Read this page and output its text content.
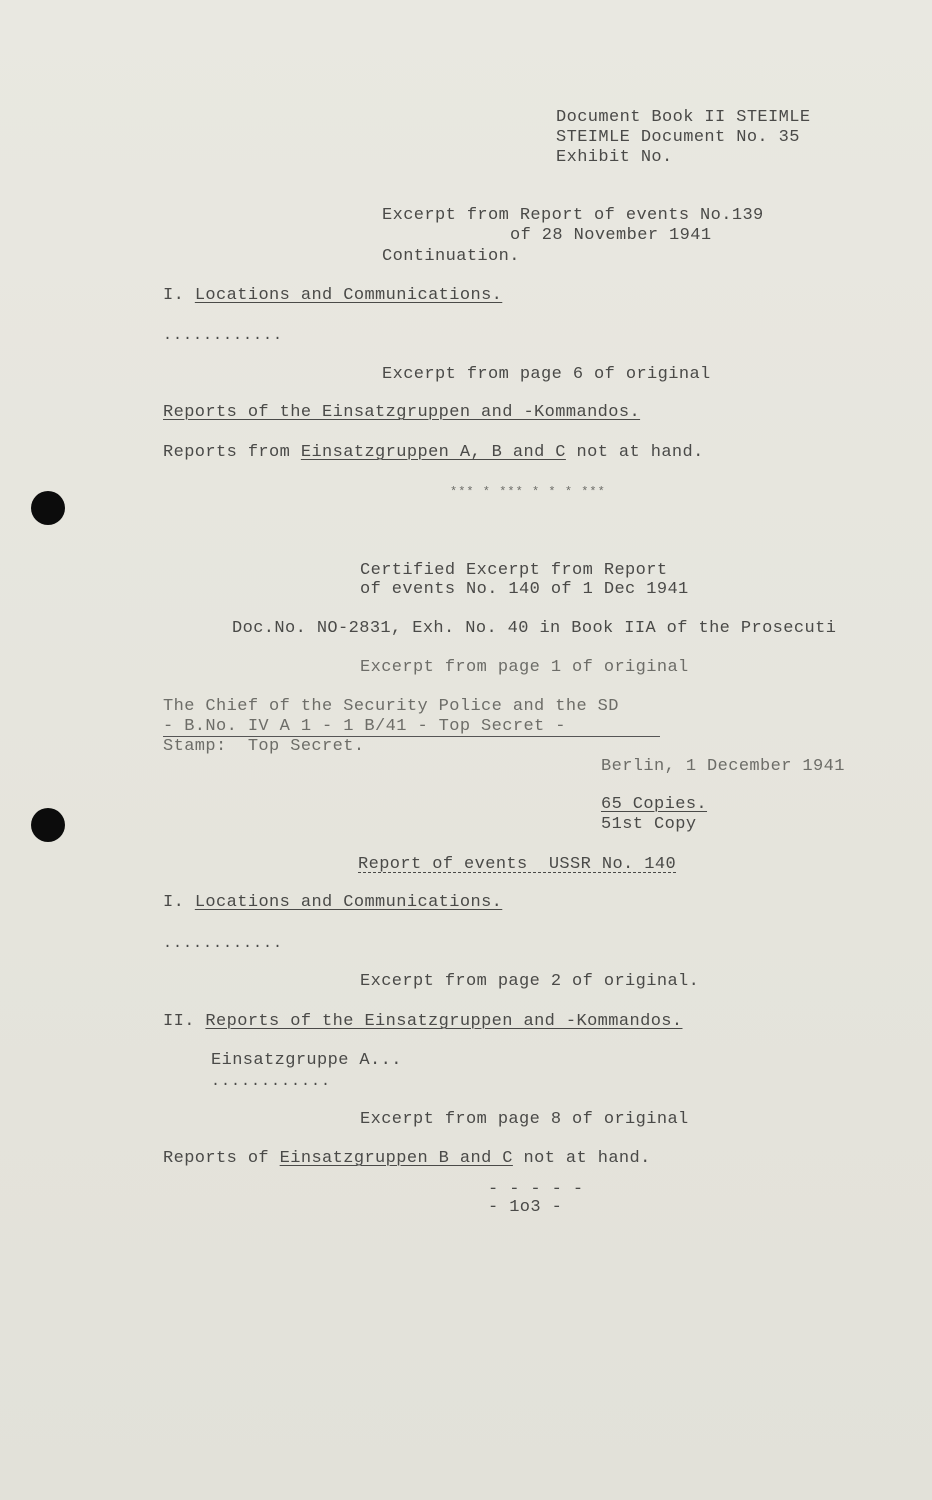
Document Book II STEIMLE
STEIMLE Document No. 35
Exhibit No.
Excerpt from Report of events No.139
of 28 November 1941
Continuation.
I. Locations and Communications.
............
Excerpt from page 6 of original
Reports of the Einsatzgruppen and -Kommandos.
Reports from Einsatzgruppen A, B and C not at hand.
*** * *** * * * ***
Certified Excerpt from Report
of events No. 140 of 1 Dec 1941
Doc.No. NO-2831, Exh. No. 40 in Book IIA of the Prosecuti
Excerpt from page 1 of original
The Chief of the Security Police and the SD
- B.No. IV A 1 - 1 B/41 - Top Secret -
Stamp:  Top Secret.
Berlin, 1 December 1941
65 Copies.
51st Copy
Report of events  USSR No. 140
I. Locations and Communications.
............
Excerpt from page 2 of original.
II. Reports of the Einsatzgruppen and -Kommandos.
Einsatzgruppe A...
............
Excerpt from page 8 of original
Reports of Einsatzgruppen B and C not at hand.
- - - - -
- 1o3 -
